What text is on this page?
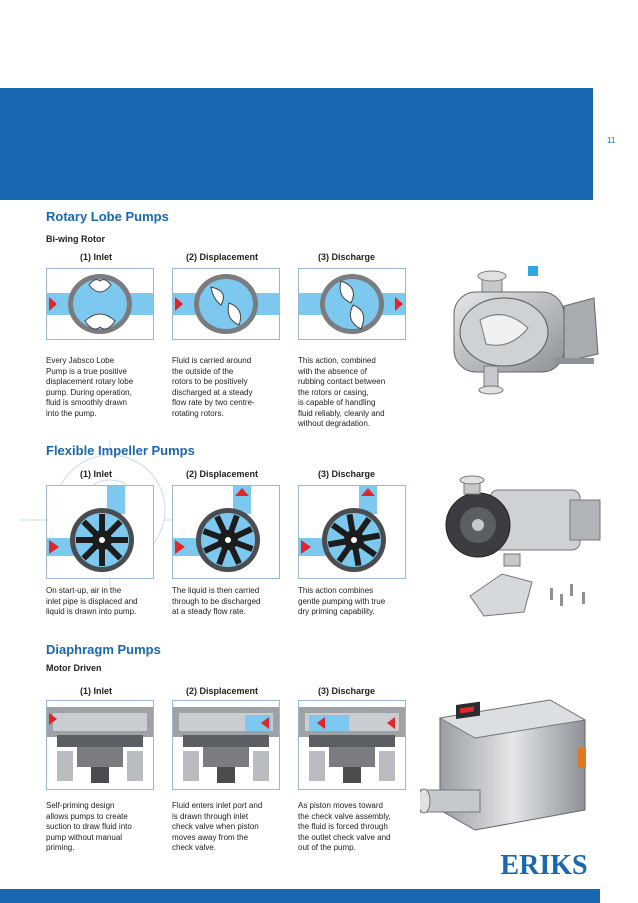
11
Rotary Lobe Pumps
Bi-wing Rotor
(1) Inlet	(2) Displacement	(3) Discharge
Every Jabsco Lobe
Pump is a true positive
displacement rotary lobe
pump. During operation,
fluid is smoothly drawn
into the pump.
Fluid is carried around
the outside of the
rotors to be positively
discharged at a steady
flow rate by two centre-
rotating rotors.
This action, combined
with the absence of
rubbing contact between
the rotors or casing,
is capable of handling
fluid reliably, cleanly and
without degradation.
Flexible Impeller Pumps
(1) Inlet	(2) Displacement	(3) Discharge
On start-up, air in the
inlet pipe is displaced and
liquid is drawn into pump.
The liquid is then carried
through to be discharged
at a steady flow rate.
This action combines
gentle pumping with true
dry priming capability.
Diaphragm Pumps
Motor Driven
(1) Inlet	(2) Displacement	(3) Discharge
Self-priming design
allows pumps to create
suction to draw fluid into
pump without manual
priming.
Fluid enters inlet port and
is drawn through inlet
check valve when piston
moves away from the
check valve.
As piston moves toward
the check valve assembly,
the fluid is forced through
the outlet check valve and
out of the pump.
ERIKS
